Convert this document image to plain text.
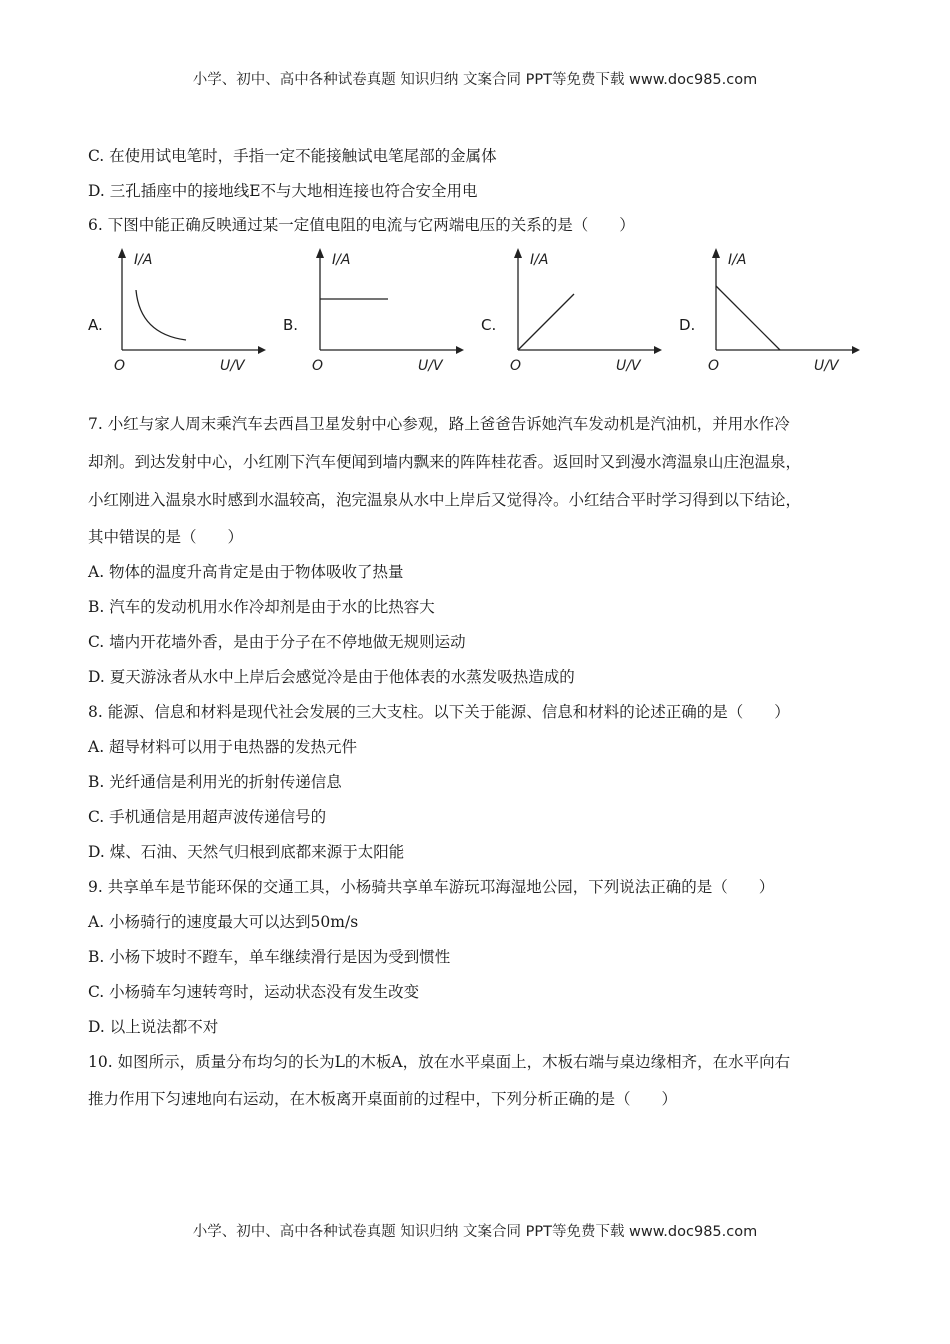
小学、初中、高中各种试卷真题 知识归纳 文案合同 PPT等免费下载 www.doc985.com
C. 在使用试电笔时，手指一定不能接触试电笔尾部的金属体
D. 三孔插座中的接地线E不与大地相连接也符合安全用电
6. 下图中能正确反映通过某一定值电阻的电流与它两端电压的关系的是（　　）
A.
I/A
U/V
O
B.
I/A
U/V
O
C.
I/A
U/V
O
D.
I/A
U/V
O
7. 小红与家人周末乘汽车去西昌卫星发射中心参观，路上爸爸告诉她汽车发动机是汽油机，并用水作冷
却剂。到达发射中心，小红刚下汽车便闻到墙内飘来的阵阵桂花香。返回时又到漫水湾温泉山庄泡温泉，
小红刚进入温泉水时感到水温较高，泡完温泉从水中上岸后又觉得冷。小红结合平时学习得到以下结论，
其中错误的是（　　）
A. 物体的温度升高肯定是由于物体吸收了热量
B. 汽车的发动机用水作冷却剂是由于水的比热容大
C. 墙内开花墙外香，是由于分子在不停地做无规则运动
D. 夏天游泳者从水中上岸后会感觉冷是由于他体表的水蒸发吸热造成的
8. 能源、信息和材料是现代社会发展的三大支柱。以下关于能源、信息和材料的论述正确的是（　　）
A. 超导材料可以用于电热器的发热元件
B. 光纤通信是利用光的折射传递信息
C. 手机通信是用超声波传递信号的
D. 煤、石油、天然气归根到底都来源于太阳能
9. 共享单车是节能环保的交通工具，小杨骑共享单车游玩邛海湿地公园，下列说法正确的是（　　）
A. 小杨骑行的速度最大可以达到50m/s
B. 小杨下坡时不蹬车，单车继续滑行是因为受到惯性
C. 小杨骑车匀速转弯时，运动状态没有发生改变
D. 以上说法都不对
10. 如图所示，质量分布均匀的长为L的木板A，放在水平桌面上，木板右端与桌边缘相齐，在水平向右
推力作用下匀速地向右运动，在木板离开桌面前的过程中，下列分析正确的是（　　）
小学、初中、高中各种试卷真题 知识归纳 文案合同 PPT等免费下载 www.doc985.com
